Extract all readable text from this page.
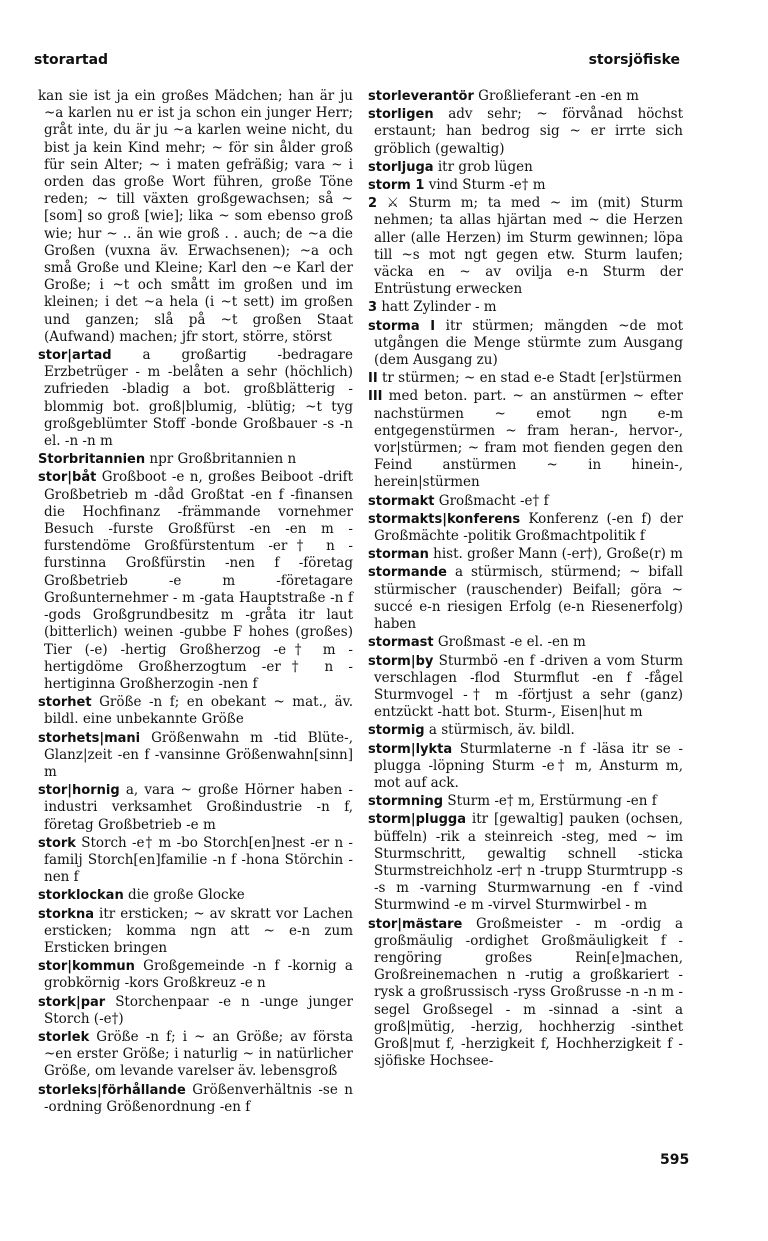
storartad	storsjöfiske
kan sie ist ja ein großes Mädchen; han är ju ~a karlen nu er ist ja schon ein junger Herr; gråt inte, du är ju ~a karlen weine nicht, du bist ja kein Kind mehr; ~ för sin ålder groß für sein Alter; ~ i maten gefräßig; vara ~ i orden das große Wort führen, große Töne reden; ~ till växten großgewachsen; så ~ [som] so groß [wie]; lika ~ som ebenso groß wie; hur ~ .. än wie groß . . auch; de ~a die Großen (vuxna äv. Erwachsenen); ~a och små Große und Kleine; Karl den ~e Karl der Große; i ~t och smått im großen und im kleinen; i det ~a hela (i ~t sett) im großen und ganzen; slå på ~t großen Staat (Aufwand) machen; jfr stort, större, störst
stor|artad a großartig -bedragare Erzbetrüger - m -belåten a sehr (höchlich) zufrieden -bladig a bot. großblätterig -blommig bot. groß|blumig, -blütig; ~t tyg großgeblümter Stoff -bonde Großbauer -s -n el. -n -n m
Storbritannien npr Großbritannien n
stor|båt Großboot -e n, großes Beiboot -drift Großbetrieb m -dåd Großtat -en f -finansen die Hochfinanz -främmande vornehmer Besuch -furste Großfürst -en -en m -furstendöme Großfürstentum -er† n -furstinna Großfürstin -nen f -företag Großbetrieb -e m -företagare Großunternehmer - m -gata Hauptstraße -n f -gods Großgrundbesitz m -gråta itr laut (bitterlich) weinen -gubbe F hohes (großes) Tier (-e) -hertig Großherzog -e† m -hertigdöme Großherzogtum -er† n -hertiginna Großherzogin -nen f
storhet Größe -n f; en obekant ~ mat., äv. bildl. eine unbekannte Größe
storhets|mani Größenwahn m -tid Blüte-, Glanz|zeit -en f -vansinne Größenwahn[sinn] m
stor|hornig a, vara ~ große Hörner haben -industri verksamhet Großindustrie -n f, företag Großbetrieb -e m
stork Storch -e† m -bo Storch[en]nest -er n -familj Storch[en]familie -n f -hona Störchin -nen f
storklockan die große Glocke
storkna itr ersticken; ~ av skratt vor Lachen ersticken; komma ngn att ~ e-n zum Ersticken bringen
stor|kommun Großgemeinde -n f -kornig a grobkörnig -kors Großkreuz -e n
stork|par Storchenpaar -e n -unge junger Storch (-e†)
storlek Größe -n f; i ~ an Größe; av första ~en erster Größe; i naturlig ~ in natürlicher Größe, om levande varelser äv. lebensgroß
storleks|förhållande Größenverhältnis -se n -ordning Größenordnung -en f
storleverantör Großlieferant -en -en m
storligen adv sehr; ~ förvånad höchst erstaunt; han bedrog sig ~ er irrte sich gröblich (gewaltig)
storljuga itr grob lügen
storm 1 vind Sturm -e† m
2 ⚔ Sturm m; ta med ~ im (mit) Sturm nehmen; ta allas hjärtan med ~ die Herzen aller (alle Herzen) im Sturm gewinnen; löpa till ~s mot ngt gegen etw. Sturm laufen; väcka en ~ av ovilja e-n Sturm der Entrüstung erwecken
3 hatt Zylinder - m
storma I itr stürmen; mängden ~de mot utgången die Menge stürmte zum Ausgang (dem Ausgang zu)
II tr stürmen; ~ en stad e-e Stadt [er]stürmen
III med beton. part. ~ an anstürmen ~ efter nachstürmen ~ emot ngn e-m entgegenstürmen ~ fram heran-, hervor-, vor|stürmen; ~ fram mot fienden gegen den Feind anstürmen ~ in hinein-, herein|stürmen
stormakt Großmacht -e† f
stormakts|konferens Konferenz (-en f) der Großmächte -politik Großmachtpolitik f
storman hist. großer Mann (-er†), Große(r) m
stormande a stürmisch, stürmend; ~ bifall stürmischer (rauschender) Beifall; göra ~ succé e-n riesigen Erfolg (e-n Riesenerfolg) haben
stormast Großmast -e el. -en m
storm|by Sturmbö -en f -driven a vom Sturm verschlagen -flod Sturmflut -en f -fågel Sturmvogel -† m -förtjust a sehr (ganz) entzückt -hatt bot. Sturm-, Eisen|hut m
stormig a stürmisch, äv. bildl.
storm|lykta Sturmlaterne -n f -läsa itr se -plugga -löpning Sturm -e† m, Ansturm m, mot auf ack.
stormning Sturm -e† m, Erstürmung -en f
storm|plugga itr [gewaltig] pauken (ochsen, büffeln) -rik a steinreich -steg, med ~ im Sturmschritt, gewaltig schnell -sticka Sturmstreichholz -er† n -trupp Sturmtrupp -s -s m -varning Sturmwarnung -en f -vind Sturmwind -e m -virvel Sturmwirbel - m
stor|mästare Großmeister - m -ordig a großmäulig -ordighet Großmäuligkeit f -rengöring großes Rein[e]machen, Großreinemachen n -rutig a großkariert -rysk a großrussisch -ryss Großrusse -n -n m -segel Großsegel - m -sinnad a -sint a groß|mütig, -herzig, hochherzig -sinthet Groß|mut f, -herzigkeit f, Hochherzigkeit f -sjöfiske Hochsee-
595
